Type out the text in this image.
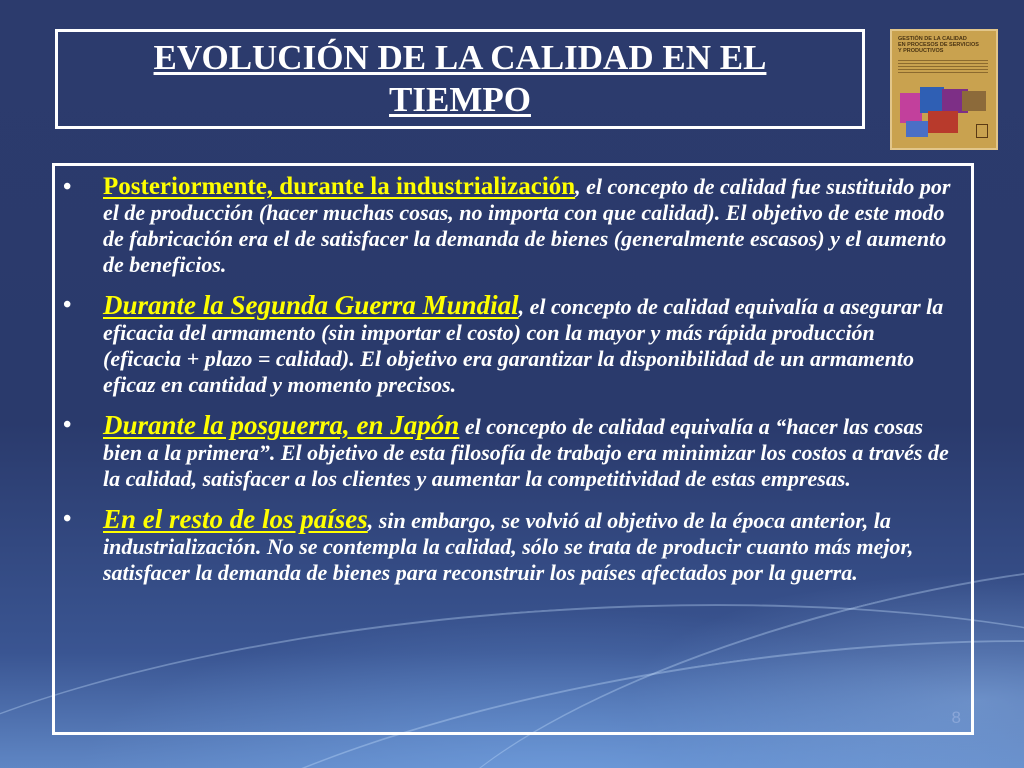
EVOLUCIÓN DE LA CALIDAD EN EL TIEMPO
GESTIÓN DE LA CALIDAD
EN PROCESOS DE SERVICIOS
Y PRODUCTIVOS
• Posteriormente, durante la industrialización, el concepto de calidad fue sustituido por el de producción (hacer muchas cosas, no importa con que calidad). El objetivo de este modo de fabricación era el de satisfacer la demanda de bienes (generalmente escasos) y el aumento de beneficios.
• Durante la Segunda Guerra Mundial, el concepto de calidad equivalía a asegurar la eficacia del armamento (sin importar el costo) con la mayor y más rápida producción (eficacia + plazo = calidad). El objetivo era garantizar la disponibilidad de un armamento eficaz en cantidad y momento precisos.
• Durante la posguerra, en Japón el concepto de calidad equivalía a “hacer las cosas bien a la primera”. El objetivo de esta filosofía de trabajo era minimizar los costos a través de la calidad, satisfacer a los clientes y aumentar la competitividad de estas empresas.
• En el resto de los países, sin embargo, se volvió al objetivo de la época anterior, la industrialización. No se contempla la calidad, sólo se trata de producir cuanto más mejor, satisfacer la demanda de bienes para reconstruir los países afectados por la guerra.
8
